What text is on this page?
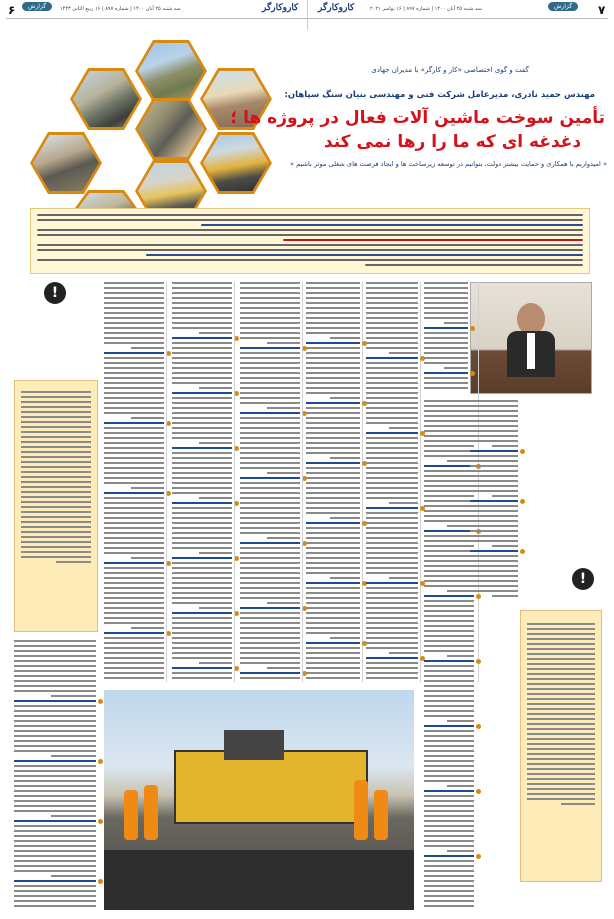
۶	گزارش	سه شنبه ۲۵ آبان ۱۴۰۰ | شماره ۸۹۷ | ۱۶ ربیع الثانی ۱۴۴۳	کاروکارگر کاروکارگر	سه شنبه ۲۵ آبان ۱۴۰۰ | شماره ۸۹۷ | ۱۶ نوامبر ۲۰۲۱	گزارش	۷
گفت و گوی اختصاصی «کار و کارگر» با مدیران جهادی
مهندس حمید نادری، مدیرعامل شرکت فنی و مهندسی بنیان سنگ سپاهان:
تأمین سوخت ماشین آلات فعال در پروژه ها ؛
دغدغه ای که ما را رها نمی کند
« امیدواریم با همکاری و حمایت بیشتر دولت، بتوانیم در توسعه زیرساخت ها و ایجاد فرصت های شغلی موثر باشیم »
!
!
